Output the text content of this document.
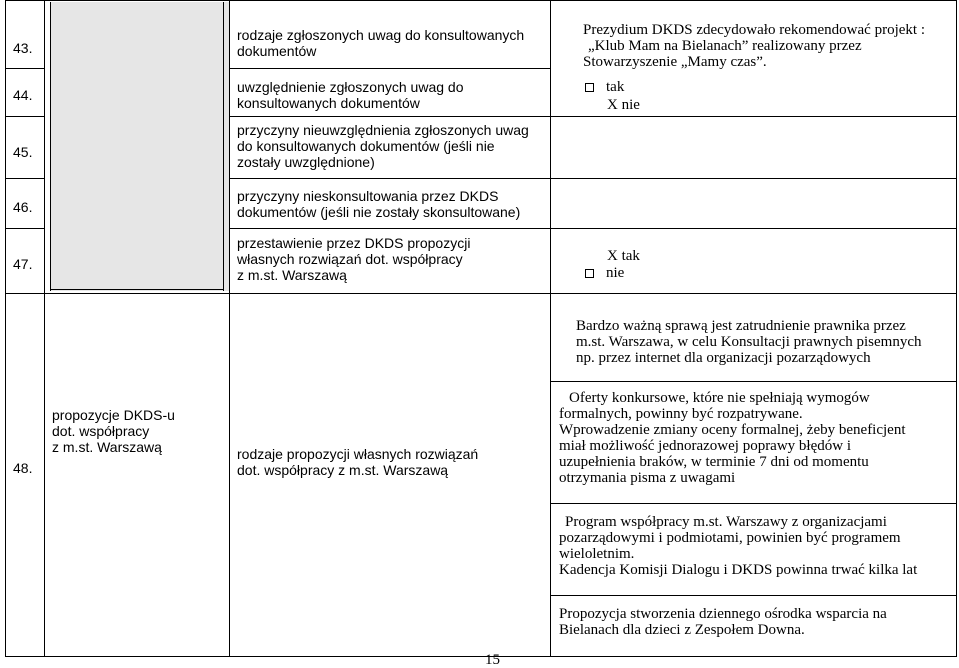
43.
44.
45.
46.
47.
48.
propozycje DKDS-u
dot. współpracy
z m.st. Warszawą
rodzaje zgłoszonych uwag do konsultowanych
dokumentów
uwzględnienie zgłoszonych uwag do
konsultowanych dokumentów
przyczyny nieuwzględnienia zgłoszonych uwag
do konsultowanych dokumentów (jeśli nie
zostały uwzględnione)
przyczyny nieskonsultowania przez DKDS
dokumentów (jeśli nie zostały skonsultowane)
przestawienie przez DKDS propozycji
własnych rozwiązań dot. współpracy
z m.st. Warszawą
rodzaje propozycji własnych rozwiązań
dot. współpracy z m.st. Warszawą
Prezydium DKDS zdecydowało rekomendować projekt :
„Klub Mam na Bielanach” realizowany przez
Stowarzyszenie „Mamy czas”.
tak
X nie
X tak
nie
Bardzo ważną sprawą jest zatrudnienie prawnika przez
m.st. Warszawa, w celu Konsultacji prawnych pisemnych
np. przez internet dla organizacji pozarządowych
Oferty konkursowe, które nie spełniają wymogów
formalnych, powinny być rozpatrywane.
Wprowadzenie zmiany oceny formalnej, żeby beneficjent
miał możliwość jednorazowej poprawy błędów i
uzupełnienia braków, w terminie 7 dni od momentu
otrzymania pisma z uwagami
Program współpracy m.st. Warszawy z organizacjami
pozarządowymi i podmiotami, powinien być programem
wieloletnim.
Kadencja Komisji Dialogu i DKDS powinna trwać kilka lat
Propozycja stworzenia dziennego ośrodka wsparcia na
Bielanach dla dzieci z Zespołem Downa.
15
